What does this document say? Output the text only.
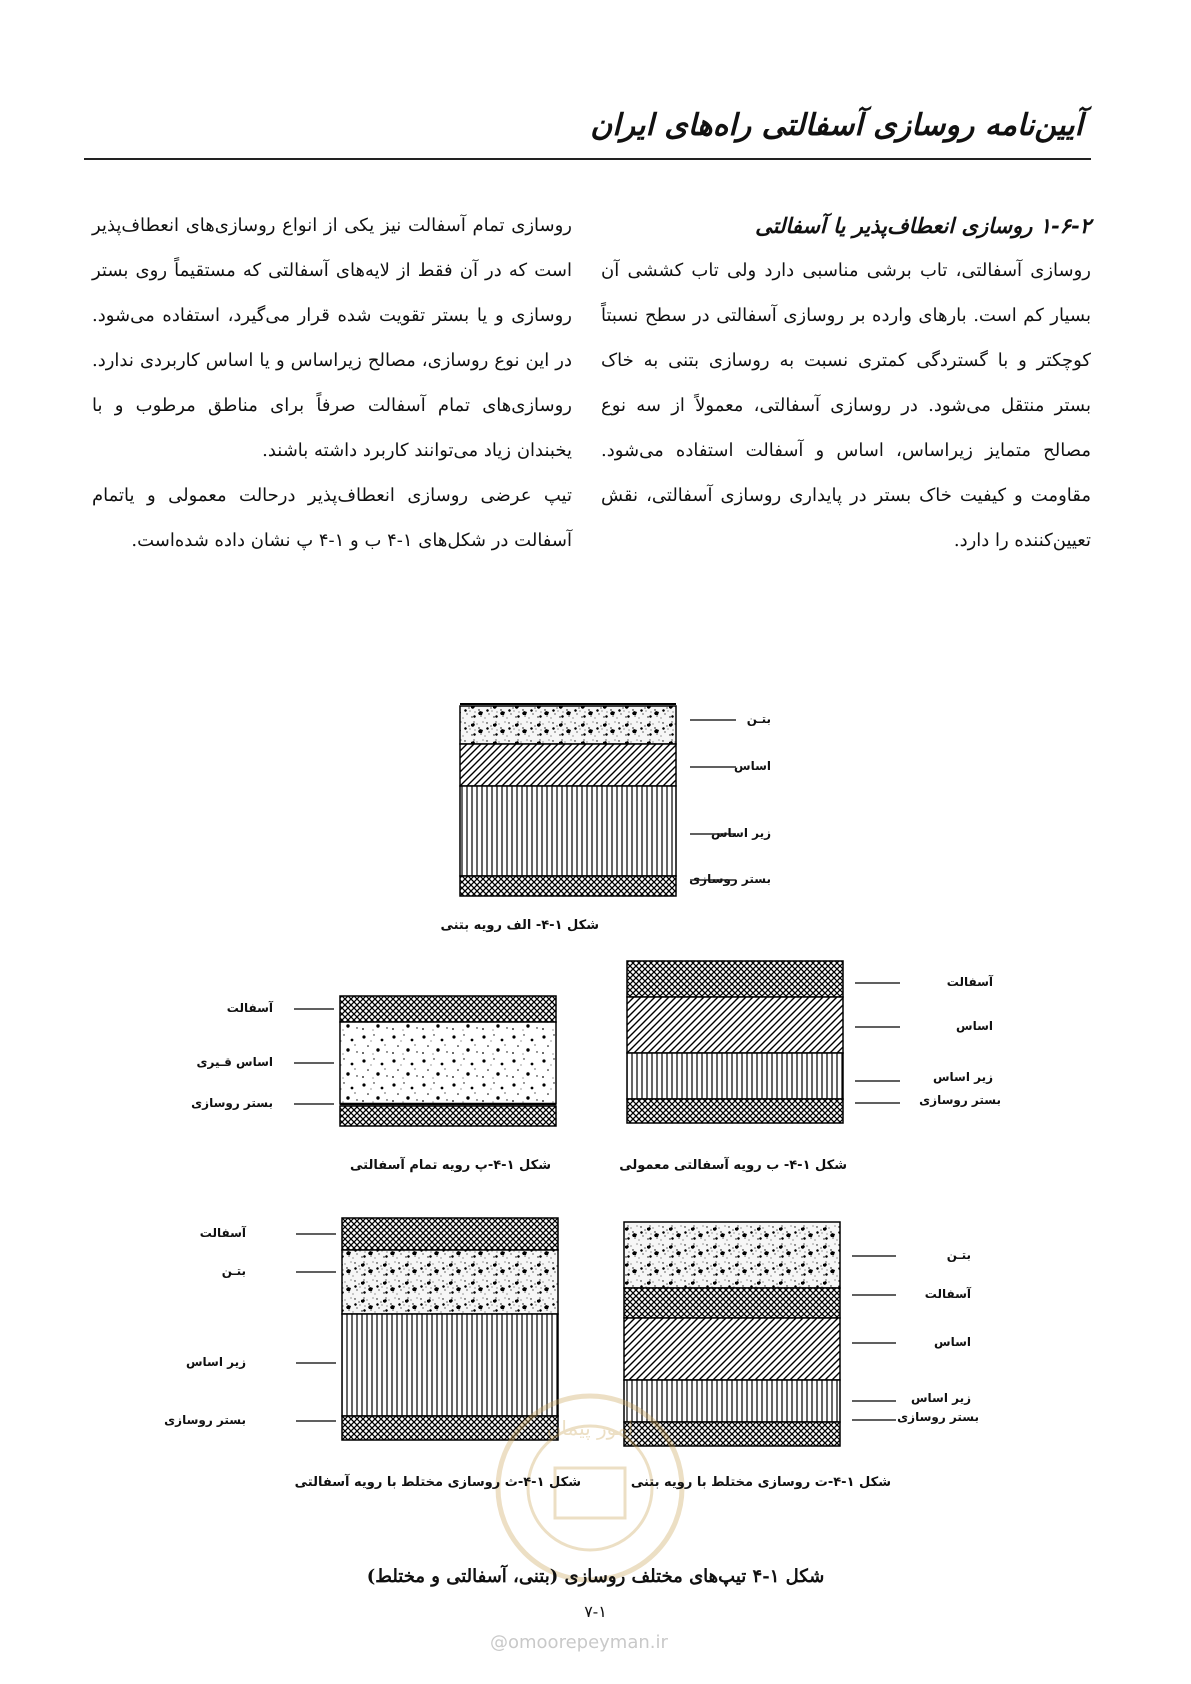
آیین‌نامه روسازی آسفالتی راه‌های ایران
۱-۶-۲ روسازی انعطاف‌پذیر یا آسفالتی

روسازی آسفالتی، تاب برشی مناسبی دارد ولی تاب کششی آن بسیار کم است. بارهای وارده بر روسازی آسفالتی در سطح نسبتاً کوچکتر و با گستردگی کمتری نسبت به روسازی بتنی به خاک بستر منتقل می‌شود. در روسازی آسفالتی، معمولاً از سه نوع مصالح متمایز زیراساس، اساس و آسفالت استفاده می‌شود. مقاومت و کیفیت خاک بستر در پایداری روسازی آسفالتی، نقش تعیین‌کننده را دارد.

روسازی تمام آسفالت نیز یکی از انواع روسازی‌های انعطاف‌پذیر است که در آن فقط از لایه‌های آسفالتی که مستقیماً روی بستر روسازی و یا بستر تقویت شده قرار می‌گیرد، استفاده می‌شود. در این نوع روسازی، مصالح زیراساس و یا اساس کاربردی ندارد. روسازی‌های تمام آسفالت صرفاً برای مناطق مرطوب و با یخبندان زیاد می‌توانند کاربرد داشته باشند.

تیپ عرضی روسازی انعطاف‌پذیر درحالت معمولی و یاتمام آسفالت در شکل‌های ۱-۴ ب و ۱-۴ پ نشان داده شده‌است.

امور پیمان
بتـن
اساس
زیر اساس
بستر روسازی
شکل ۱-۴- الف رویه بتنی
آسفالت
اساس
زیر اساس
بستر روسازی
شکل ۱-۴- ب رویه آسفالتی معمولی
آسفالت
اساس قـیری
بستر روسازی
شکل ۱-۴-پ رویه تمام آسفالتی
بتـن
آسفالت
اساس
زیر اساس
بستر روسازی
شکل ۱-۴-ت روسازی مختلط با رویه بتنی
آسفالت
بتـن
زیر اساس
بستر روسازی
شکل ۱-۴-ث روسازی مختلط با رویه آسفالتی
شکل ۱-۴ تیپ‌های مختلف روسازی (بتنی، آسفالتی و مختلط)
۷-۱
@omoorepeyman.ir
